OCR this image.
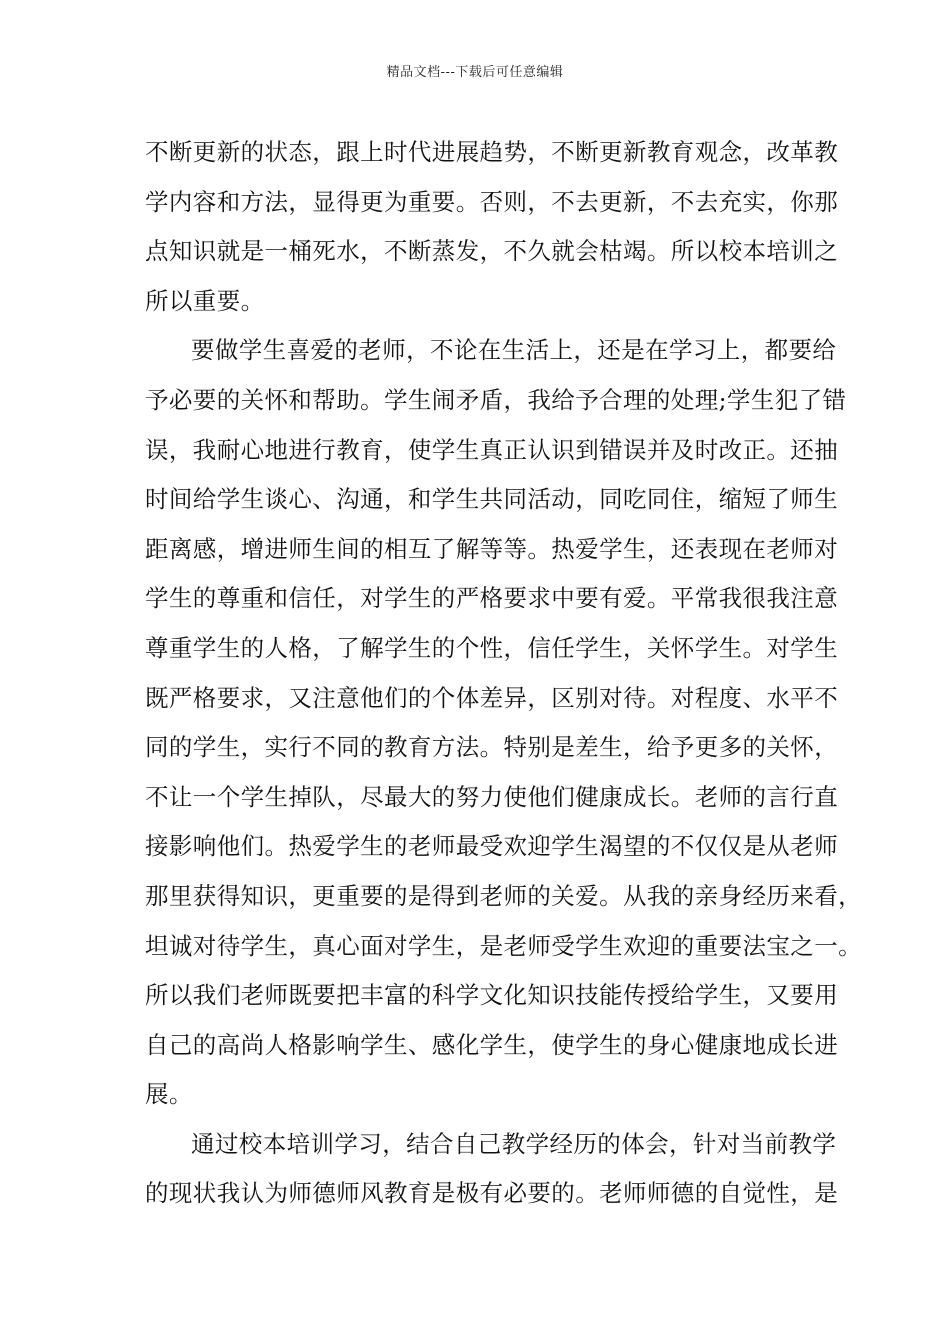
精品文档---下载后可任意编辑
不断更新的状态，跟上时代进展趋势，不断更新教育观念，改革教
学内容和方法，显得更为重要。否则，不去更新，不去充实，你那
点知识就是一桶死水，不断蒸发，不久就会枯竭。所以校本培训之
所以重要。
要做学生喜爱的老师，不论在生活上，还是在学习上，都要给
予必要的关怀和帮助。学生闹矛盾，我给予合理的处理;学生犯了错
误，我耐心地进行教育，使学生真正认识到错误并及时改正。还抽
时间给学生谈心、沟通，和学生共同活动，同吃同住，缩短了师生
距离感，增进师生间的相互了解等等。热爱学生，还表现在老师对
学生的尊重和信任，对学生的严格要求中要有爱。平常我很我注意
尊重学生的人格，了解学生的个性，信任学生，关怀学生。对学生
既严格要求，又注意他们的个体差异，区别对待。对程度、水平不
同的学生，实行不同的教育方法。特别是差生，给予更多的关怀，
不让一个学生掉队，尽最大的努力使他们健康成长。老师的言行直
接影响他们。热爱学生的老师最受欢迎学生渴望的不仅仅是从老师
那里获得知识，更重要的是得到老师的关爱。从我的亲身经历来看，
坦诚对待学生，真心面对学生，是老师受学生欢迎的重要法宝之一。
所以我们老师既要把丰富的科学文化知识技能传授给学生，又要用
自己的高尚人格影响学生、感化学生，使学生的身心健康地成长进
展。
通过校本培训学习，结合自己教学经历的体会，针对当前教学
的现状我认为师德师风教育是极有必要的。老师师德的自觉性，是
